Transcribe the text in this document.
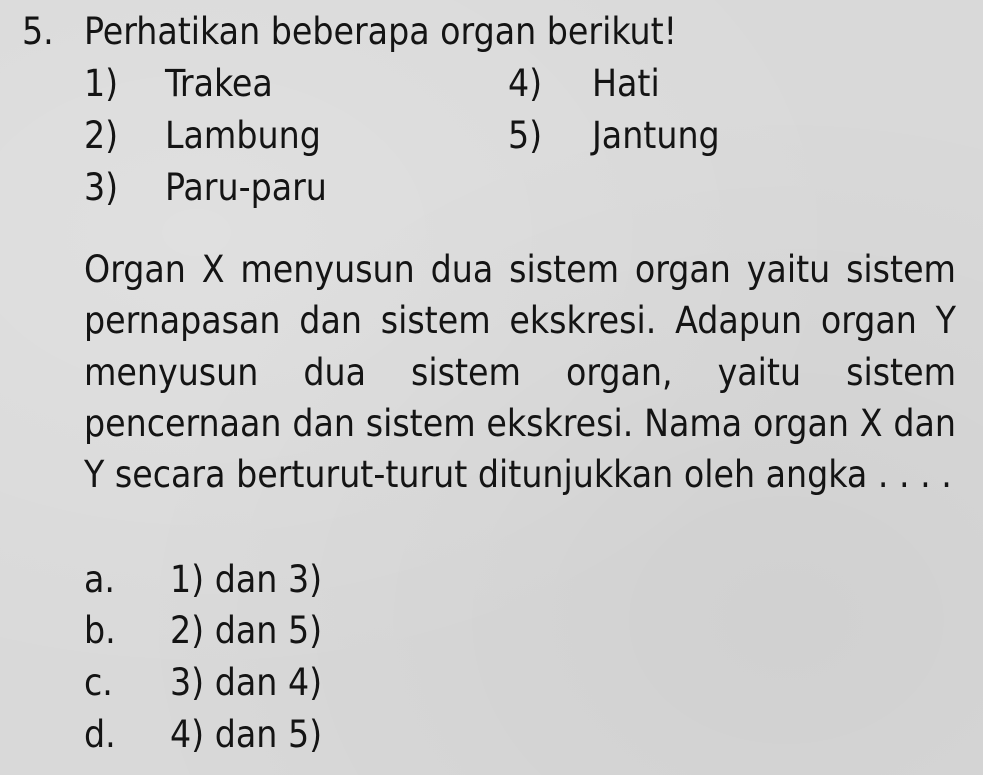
5. Perhatikan beberapa organ berikut!
1) Trakea
2) Lambung
3) Paru-paru
4) Hati
5) Jantung
Organ X menyusun dua sistem organ yaitu sistem pernapasan dan sistem ekskresi. Adapun organ Y menyusun dua sistem organ, yaitu sistem pencernaan dan sistem ekskresi. Nama organ X dan Y secara berturut-turut ditunjukkan oleh angka . . . .
a. 1) dan 3)
b. 2) dan 5)
c. 3) dan 4)
d. 4) dan 5)
